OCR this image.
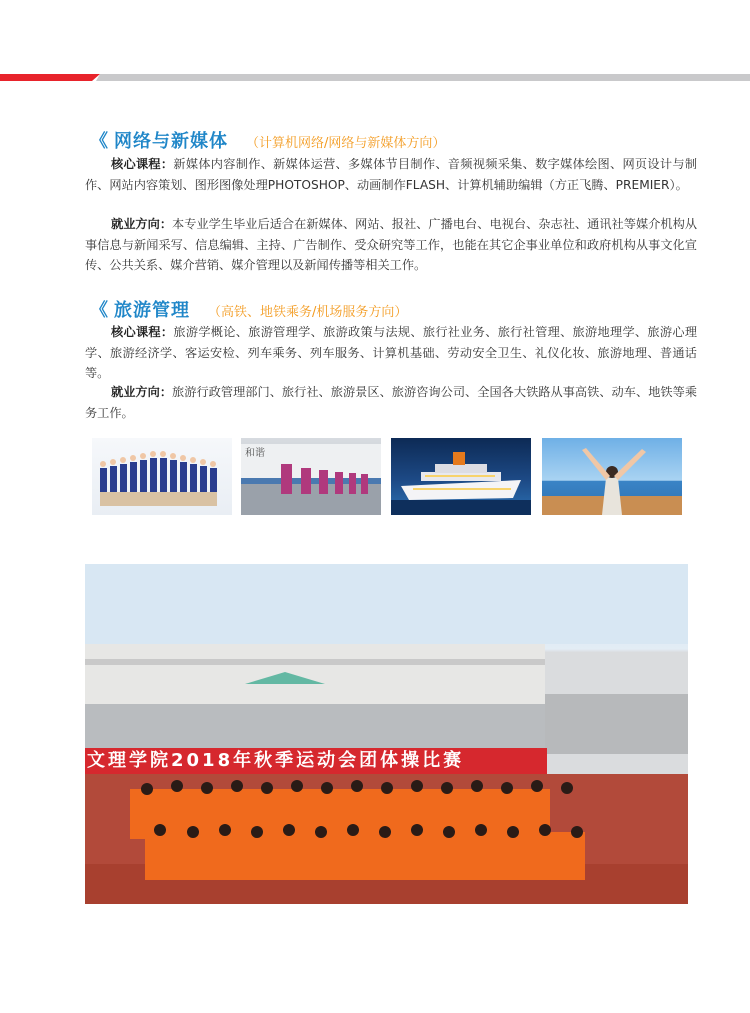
《 网络与新媒体 （计算机网络/网络与新媒体方向）
核心课程：新媒体内容制作、新媒体运营、多媒体节目制作、音频视频采集、数字媒体绘图、网页设计与制作、网站内容策划、图形图像处理PHOTOSHOP、动画制作FLASH、计算机辅助编辑（方正飞腾、PREMIER）。
就业方向：本专业学生毕业后适合在新媒体、网站、报社、广播电台、电视台、杂志社、通讯社等媒介机构从事信息与新闻采写、信息编辑、主持、广告制作、受众研究等工作，也能在其它企事业单位和政府机构从事文化宣传、公共关系、媒介营销、媒介管理以及新闻传播等相关工作。
《 旅游管理 （高铁、地铁乘务/机场服务方向）
核心课程：旅游学概论、旅游管理学、旅游政策与法规、旅行社业务、旅行社管理、旅游地理学、旅游心理学、旅游经济学、客运安检、列车乘务、列车服务、计算机基础、劳动安全卫生、礼仪化妆、旅游地理、普通话等。
就业方向：旅游行政管理部门、旅行社、旅游景区、旅游咨询公司、全国各大铁路从事高铁、动车、地铁等乘务工作。
和谐
文理学院2018年秋季运动会团体操比赛
